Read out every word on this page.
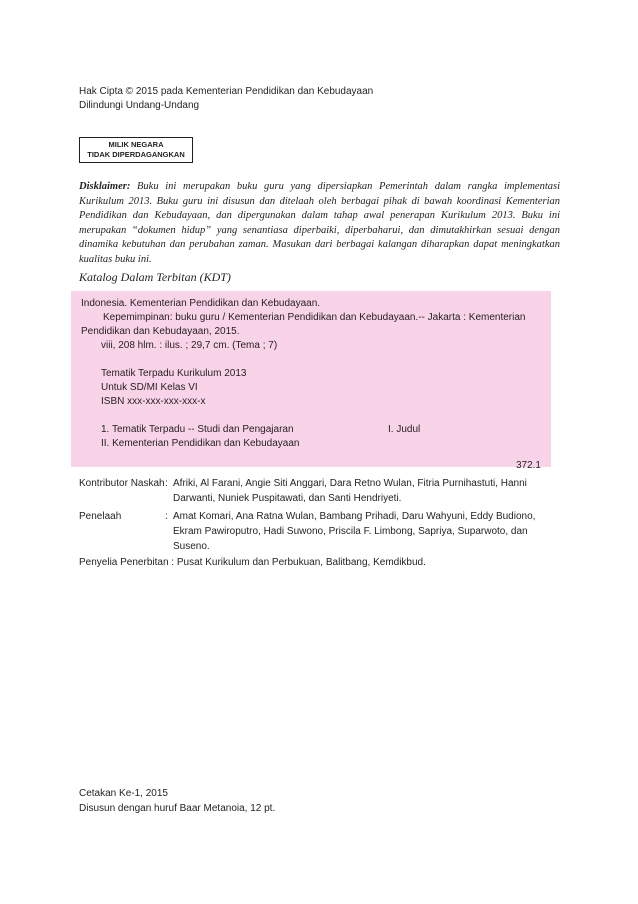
Hak Cipta © 2015 pada Kementerian Pendidikan dan Kebudayaan
Dilindungi Undang-Undang
MILIK NEGARA
TIDAK DIPERDAGANGKAN
Disklaimer: Buku ini merupakan buku guru yang dipersiapkan Pemerintah dalam rangka implementasi Kurikulum 2013. Buku guru ini disusun dan ditelaah oleh berbagai pihak di bawah koordinasi Kementerian Pendidikan dan Kebudayaan, dan dipergunakan dalam tahap awal penerapan Kurikulum 2013. Buku ini merupakan “dokumen hidup” yang senantiasa diperbaiki, diperbaharui, dan dimutakhirkan sesuai dengan dinamika kebutuhan dan perubahan zaman. Masukan dari berbagai kalangan diharapkan dapat meningkatkan kualitas buku ini.
Katalog Dalam Terbitan (KDT)
Indonesia. Kementerian Pendidikan dan Kebudayaan.
Kepemimpinan: buku guru / Kementerian Pendidikan dan Kebudayaan.-- Jakarta : Kementerian
Pendidikan dan Kebudayaan, 2015.
viii, 208 hlm. : ilus. ; 29,7 cm. (Tema ; 7)
Tematik Terpadu Kurikulum 2013
Untuk SD/MI Kelas VI
ISBN xxx-xxx-xxx-xxx-x
1. Tematik Terpadu -- Studi dan Pengajaran	I. Judul
II. Kementerian Pendidikan dan Kebudayaan
372.1
Kontributor Naskah : Afriki, Al Farani, Angie Siti Anggari, Dara Retno Wulan, Fitria Purnihastuti, Hanni
Darwanti, Nuniek Puspitawati, dan Santi Hendriyeti.
Penelaah	: Amat Komari, Ana Ratna Wulan, Bambang Prihadi, Daru Wahyuni, Eddy Budiono,
Ekram Pawiroputro, Hadi Suwono, Priscila F. Limbong, Sapriya, Suparwoto, dan
Suseno.
Penyelia Penerbitan : Pusat Kurikulum dan Perbukuan, Balitbang, Kemdikbud.
Cetakan Ke-1, 2015
Disusun dengan huruf Baar Metanoia, 12 pt.
